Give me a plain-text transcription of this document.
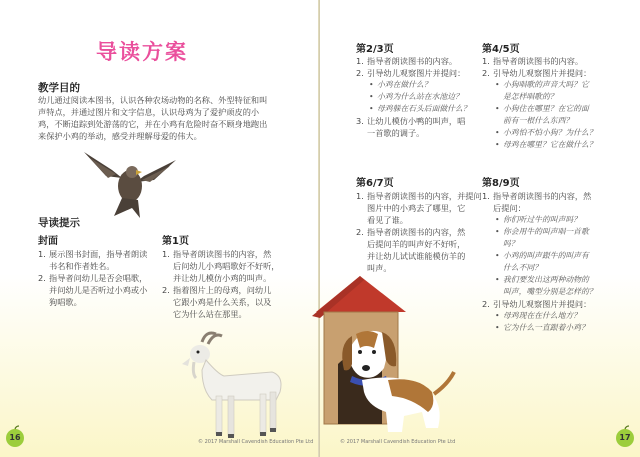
导读方案
教学目的
幼儿通过阅读本图书，认识各种农场动物的名称、外型特征和叫
声特点，并通过图片和文字信息，认识母鸡为了爱护顽皮的小
鸡，不断追踪到处游荡的它，并在小鸡有危险时奋不顾身地跑出
来保护小鸡的举动，感受并理解母爱的伟大。
导读提示
封面
1. 展示图书封面，指导者朗读
书名和作者姓名。
2. 指导者问幼儿是否会唱歌，
并问幼儿是否听过小鸡或小
狗唱歌。
第1页
1. 指导者朗读图书的内容，然
后问幼儿小鸡唱歌好不好听，
并让幼儿模仿小鸡的叫声。
2. 指着图片上的母鸡，问幼儿
它跟小鸡是什么关系，以及
它为什么站在那里。
© 2017 Marshall Cavendish Education Pte Ltd
16
第2/3页
1. 指导者朗读图书的内容。
2. 引导幼儿观察图片并提问：
• 小鸡在做什么？
• 小鸡为什么站在水池边？
• 母鸡躲在石头后面做什么？
3. 让幼儿模仿小鸭的叫声，唱
一首歌的调子。
第4/5页
1. 指导者朗读图书的内容。
2. 引导幼儿观察图片并提问：
• 小狗唱歌的声音大吗？它
是怎样唱歌的？
• 小狗住在哪里？在它的面
前有一根什么东西？
• 小鸡怕不怕小狗？为什么？
• 母鸡在哪里？它在做什么？
第6/7页
1. 指导者朗读图书的内容，并提问
图片中的小鸡去了哪里，它
看见了谁。
2. 指导者朗读图书的内容，然
后提问羊的叫声好不好听，
并让幼儿试试谁能模仿羊的
叫声。
第8/9页
1. 指导者朗读图书的内容，然
后提问：
• 你们听过牛的叫声吗？
• 你会用牛的叫声唱一首歌
吗？
• 小鸡的叫声跟牛的叫声有
什么不同？
• 我们要发出这两种动物的
叫声，嘴型分别是怎样的？
2. 引导幼儿观察图片并提问：
• 母鸡现在在什么地方？
• 它为什么一直跟着小鸡？
© 2017 Marshall Cavendish Education Pte Ltd	17
